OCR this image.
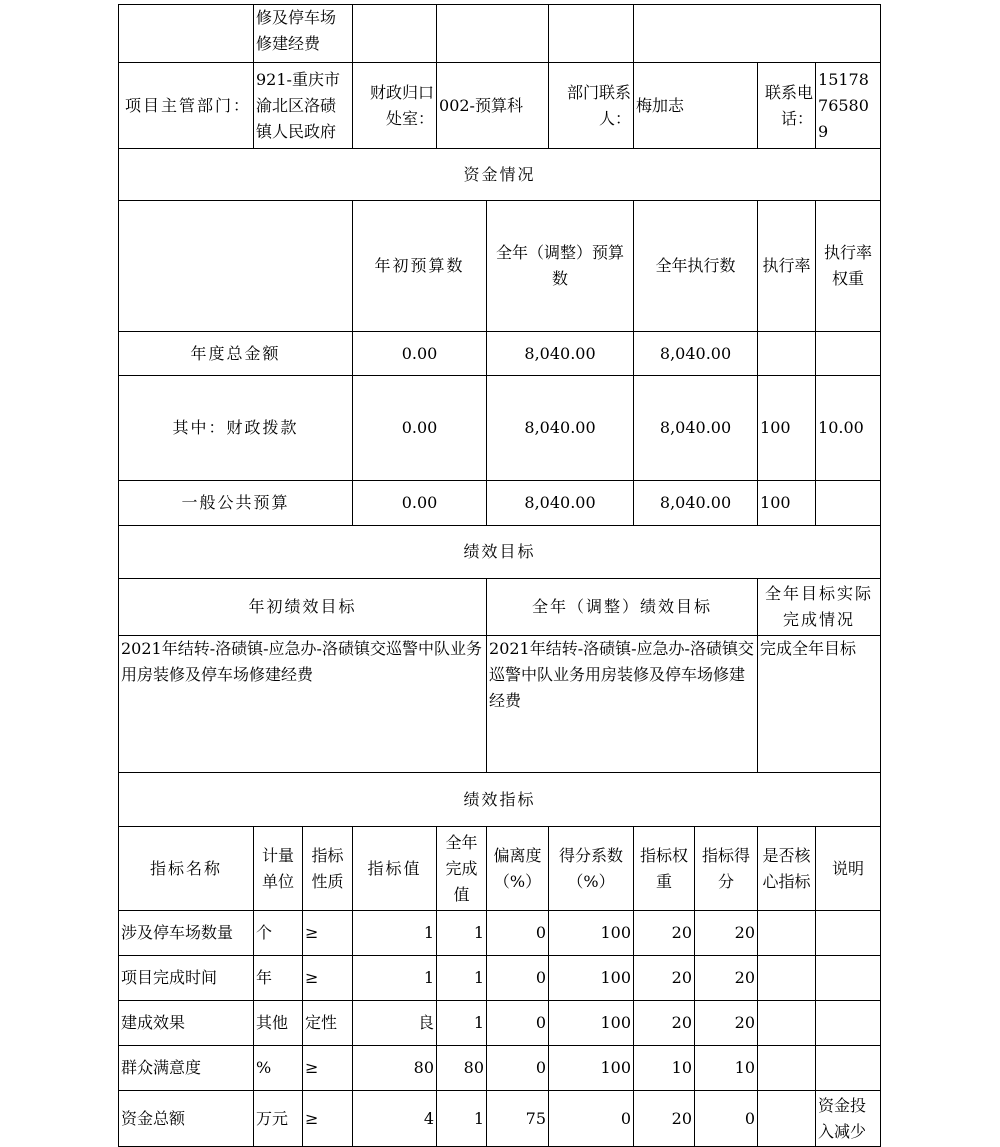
	修及停车场修建经费										
项目主管部门：	921-重庆市渝北区洛碛镇人民政府		财政归口处室：	002-预算科		部门联系人：	梅加志		联系电话：	15178765809	
资金情况											
			年初预算数		全年（调整）预算数		全年执行数		执行率	执行率权重	
年度总金额			0.00		8,040.00		8,040.00				
其中：财政拨款			0.00		8,040.00		8,040.00		100	10.00	
一般公共预算			0.00		8,040.00		8,040.00		100		
绩效目标											
年初绩效目标					全年（调整）绩效目标				全年目标实际完成情况		
2021年结转-洛碛镇-应急办-洛碛镇交巡警中队业务用房装修及停车场修建经费					2021年结转-洛碛镇-应急办-洛碛镇交巡警中队业务用房装修及停车场修建经费				完成全年目标		
绩效指标											
指标名称	计量单位	指标性质	指标值	全年完成值	偏离度（%）	得分系数（%）	指标权重	指标得分	是否核心指标	说明	
涉及停车场数量	个	≥	1	1	0	100	20	20			
项目完成时间	年	≥	1	1	0	100	20	20			
建成效果	其他	定性	良	1	0	100	20	20			
群众满意度	%	≥	80	80	0	100	10	10			
资金总额	万元	≥	4	1	75	0	20	0		资金投入减少	
